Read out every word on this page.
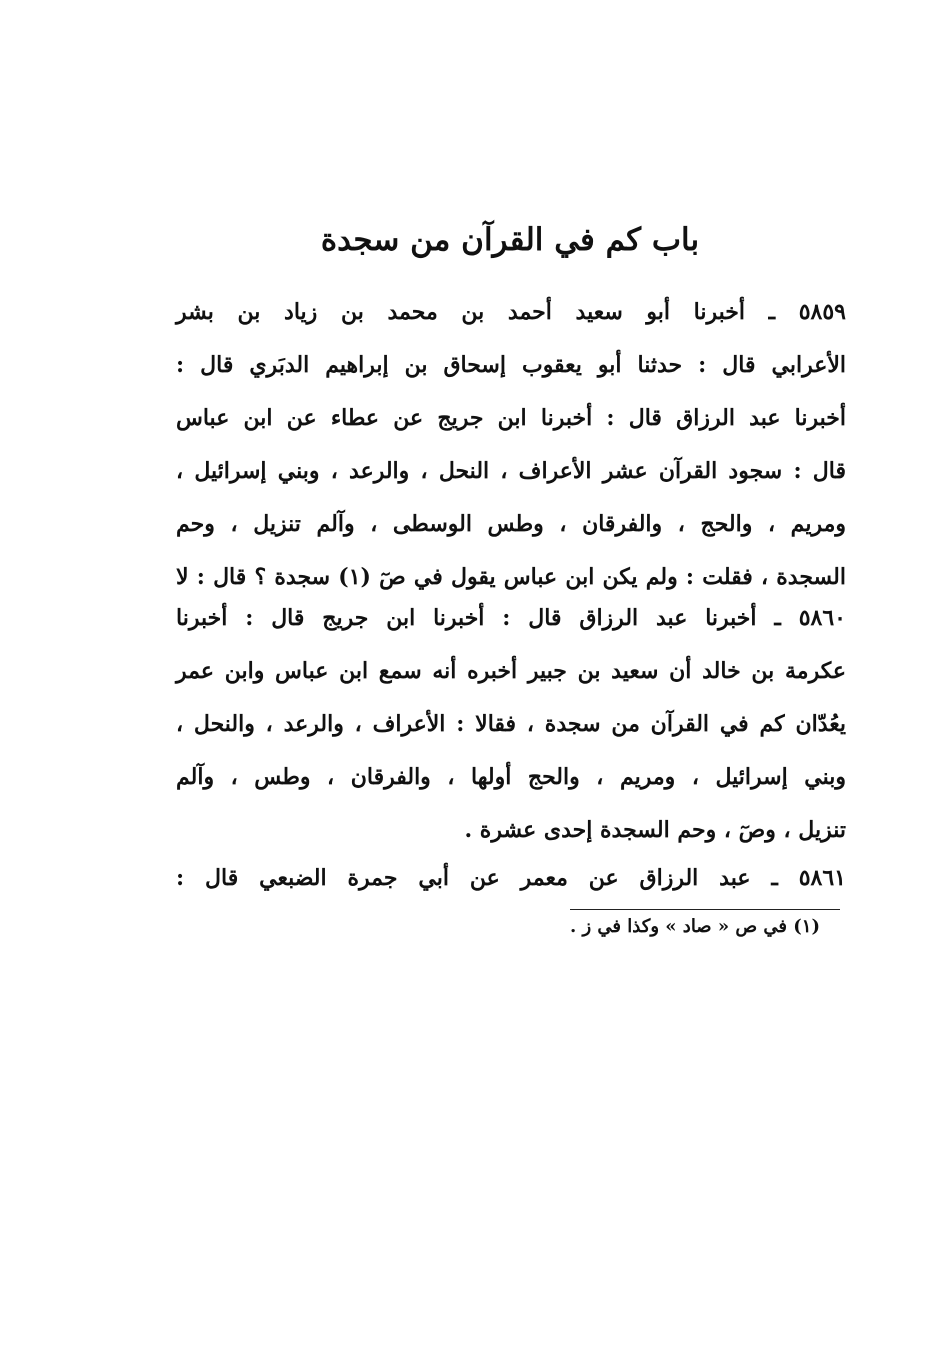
باب كم في القرآن من سجدة
٥٨٥٩ ـ أخبرنا أبو سعيد أحمد بن محمد بن زياد بن بشر
الأعرابي قال : حدثنا أبو يعقوب إسحاق بن إبراهيم الدبَري قال :
أخبرنا عبد الرزاق قال : أخبرنا ابن جريج عن عطاء عن ابن عباس
قال : سجود القرآن عشر الأعراف ، النحل ، والرعد ، وبني إسرائيل ،
ومريم ، والحج ، والفرقان ، وطس الوسطى ، وآلم تنزيل ، وحم
السجدة ، فقلت : ولم يكن ابن عباس يقول في صٓ (١) سجدة ؟ قال : لا
٥٨٦٠ ـ أخبرنا عبد الرزاق قال : أخبرنا ابن جريج قال : أخبرنا
عكرمة بن خالد أن سعيد بن جبير أخبره أنه سمع ابن عباس وابن عمر
يعُدّان كم في القرآن من سجدة ، فقالا : الأعراف ، والرعد ، والنحل ،
وبني إسرائيل ، ومريم ، والحج أولها ، والفرقان ، وطس ، وآلم
تنزيل ، وصٓ ، وحم السجدة إحدى عشرة .
٥٨٦١ ـ عبد الرزاق عن معمر عن أبي جمرة الضبعي قال :
(١) في ص « صاد » وكذا في ز .
